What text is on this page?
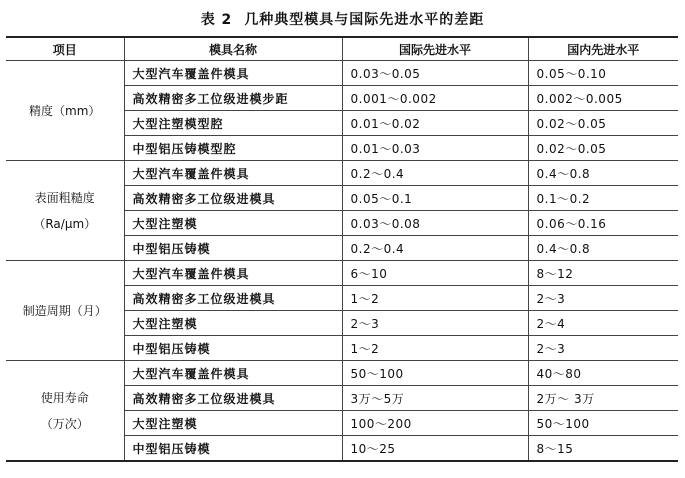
表 2 几种典型模具与国际先进水平的差距
项目	模具名称	国际先进水平	国内先进水平

精度（mm）	大型汽车覆盖件模具	0.03～0.05	0.05～0.10
	高效精密多工位级进模步距	0.001～0.002	0.002～0.005
	大型注塑模型腔	0.01～0.02	0.02～0.05
	中型铝压铸模型腔	0.01～0.03	0.02～0.05

表面粗糙度
（Ra/μm）	大型汽车覆盖件模具	0.2～0.4	0.4～0.8
	高效精密多工位级进模具	0.05～0.1	0.1～0.2
	大型注塑模	0.03～0.08	0.06～0.16
	中型铝压铸模	0.2～0.4	0.4～0.8

制造周期（月）	大型汽车覆盖件模具	6～10	8～12
	高效精密多工位级进模具	1～2	2～3
	大型注塑模	2～3	2～4
	中型铝压铸模	1～2	2～3

使用寿命
（万次）	大型汽车覆盖件模具	50～100	40～80
	高效精密多工位级进模具	3万～5万	2万～ 3万
	大型注塑模	100～200	50～100
	中型铝压铸模	10～25	8～15
